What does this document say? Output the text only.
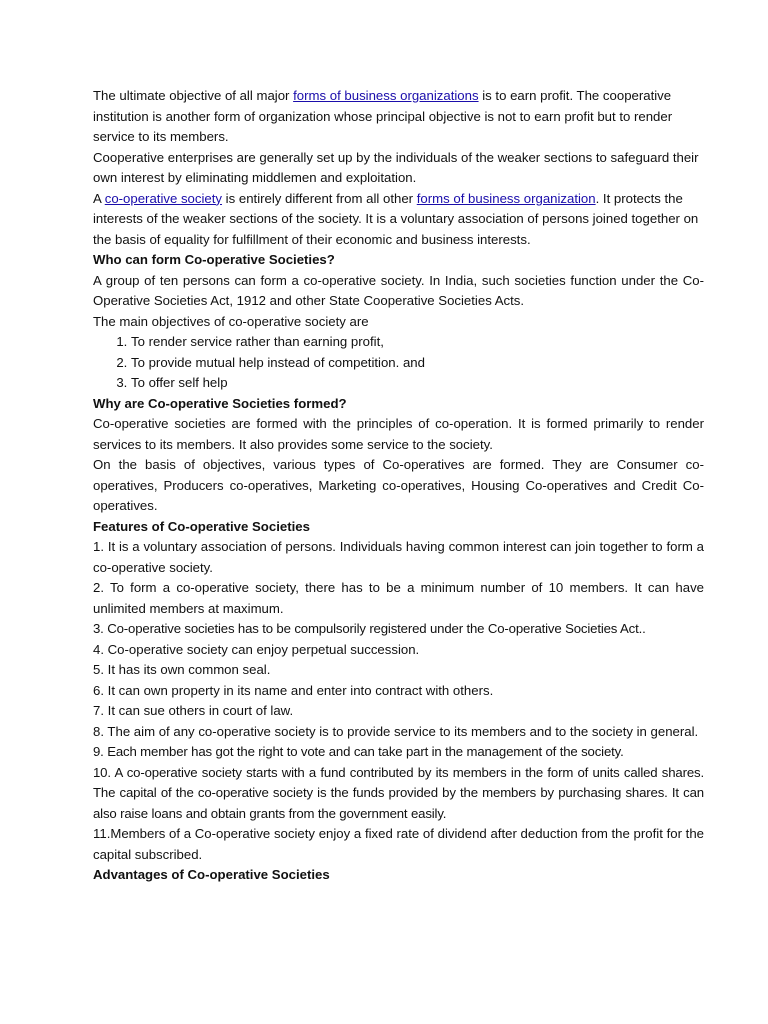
The ultimate objective of all major forms of business organizations is to earn profit. The cooperative institution is another form of organization whose principal objective is not to earn profit but to render service to its members.

Cooperative enterprises are generally set up by the individuals of the weaker sections to safeguard their own interest by eliminating middlemen and exploitation.

A co-operative society is entirely different from all other forms of business organization. It protects the interests of the weaker sections of the society. It is a voluntary association of persons joined together on the basis of equality for fulfillment of their economic and business interests.

Who can form Co-operative Societies?

A group of ten persons can form a co-operative society. In India, such societies function under the Co-Operative Societies Act, 1912 and other State Cooperative Societies Acts.

The main objectives of co-operative society are

1. To render service rather than earning profit,
2. To provide mutual help instead of competition. and
3. To offer self help

Why are Co-operative Societies formed?

Co-operative societies are formed with the principles of co-operation. It is formed primarily to render services to its members. It also provides some service to the society.

On the basis of objectives, various types of Co-operatives are formed. They are Consumer co-operatives, Producers co-operatives, Marketing co-operatives, Housing Co-operatives and Credit Co-operatives.

Features of Co-operative Societies

1. It is a voluntary association of persons. Individuals having common interest can join together to form a co-operative society.

2. To form a co-operative society, there has to be a minimum number of 10 members. It can have unlimited members at maximum.

3. Co-operative societies has to be compulsorily registered under the Co-operative Societies Act..

4. Co-operative society can enjoy perpetual succession.

5. It has its own common seal.

6. It can own property in its name and enter into contract with others.

7. It can sue others in court of law.

8. The aim of any co-operative society is to provide service to its members and to the society in general.

9. Each member has got the right to vote and can take part in the management of the society.

10. A co-operative society starts with a fund contributed by its members in the form of units called shares. The capital of the co-operative society is the funds provided by the members by purchasing shares. It can also raise loans and obtain grants from the government easily.

11.Members of a Co-operative society enjoy a fixed rate of dividend after deduction from the profit for the capital subscribed.

Advantages of Co-operative Societies
